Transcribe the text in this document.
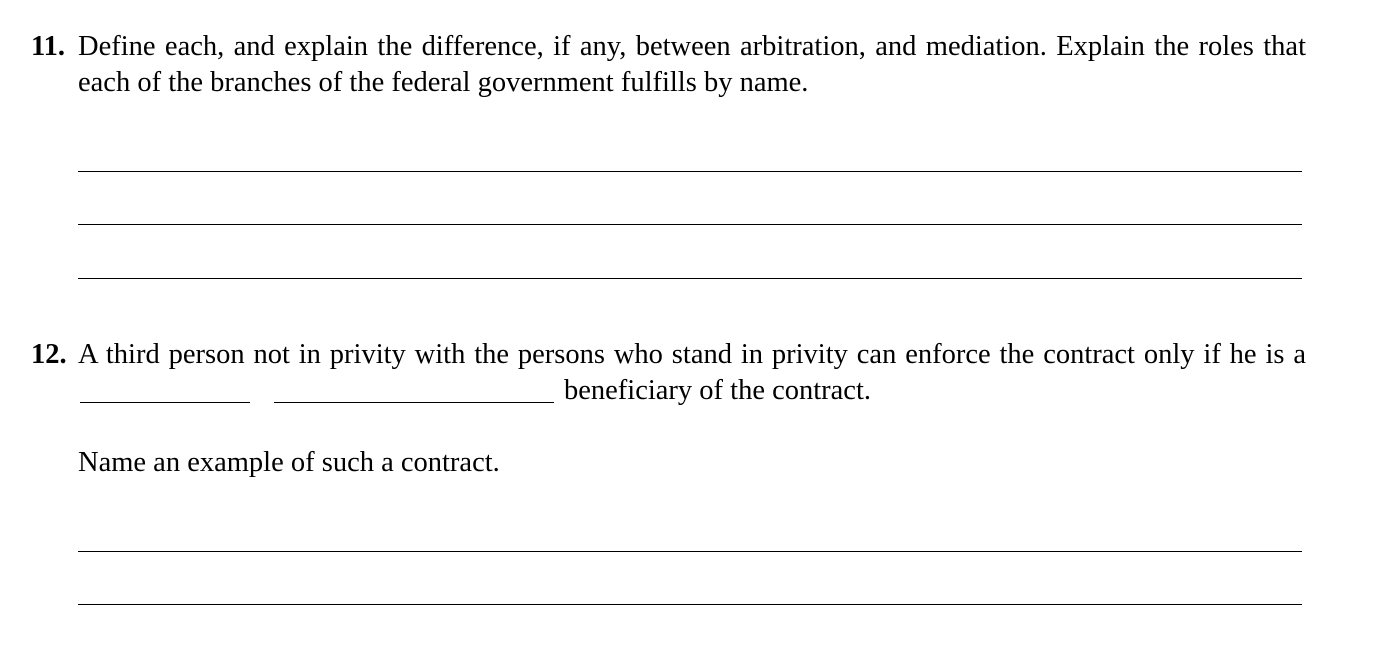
11. Define each, and explain the difference, if any, between arbitration, and mediation. Explain the roles that each of the branches of the federal government fulfills by name.
12. A third person not in privity with the persons who stand in privity can enforce the contract only if he is abeneficiary of the contract.
Name an example of such a contract.
